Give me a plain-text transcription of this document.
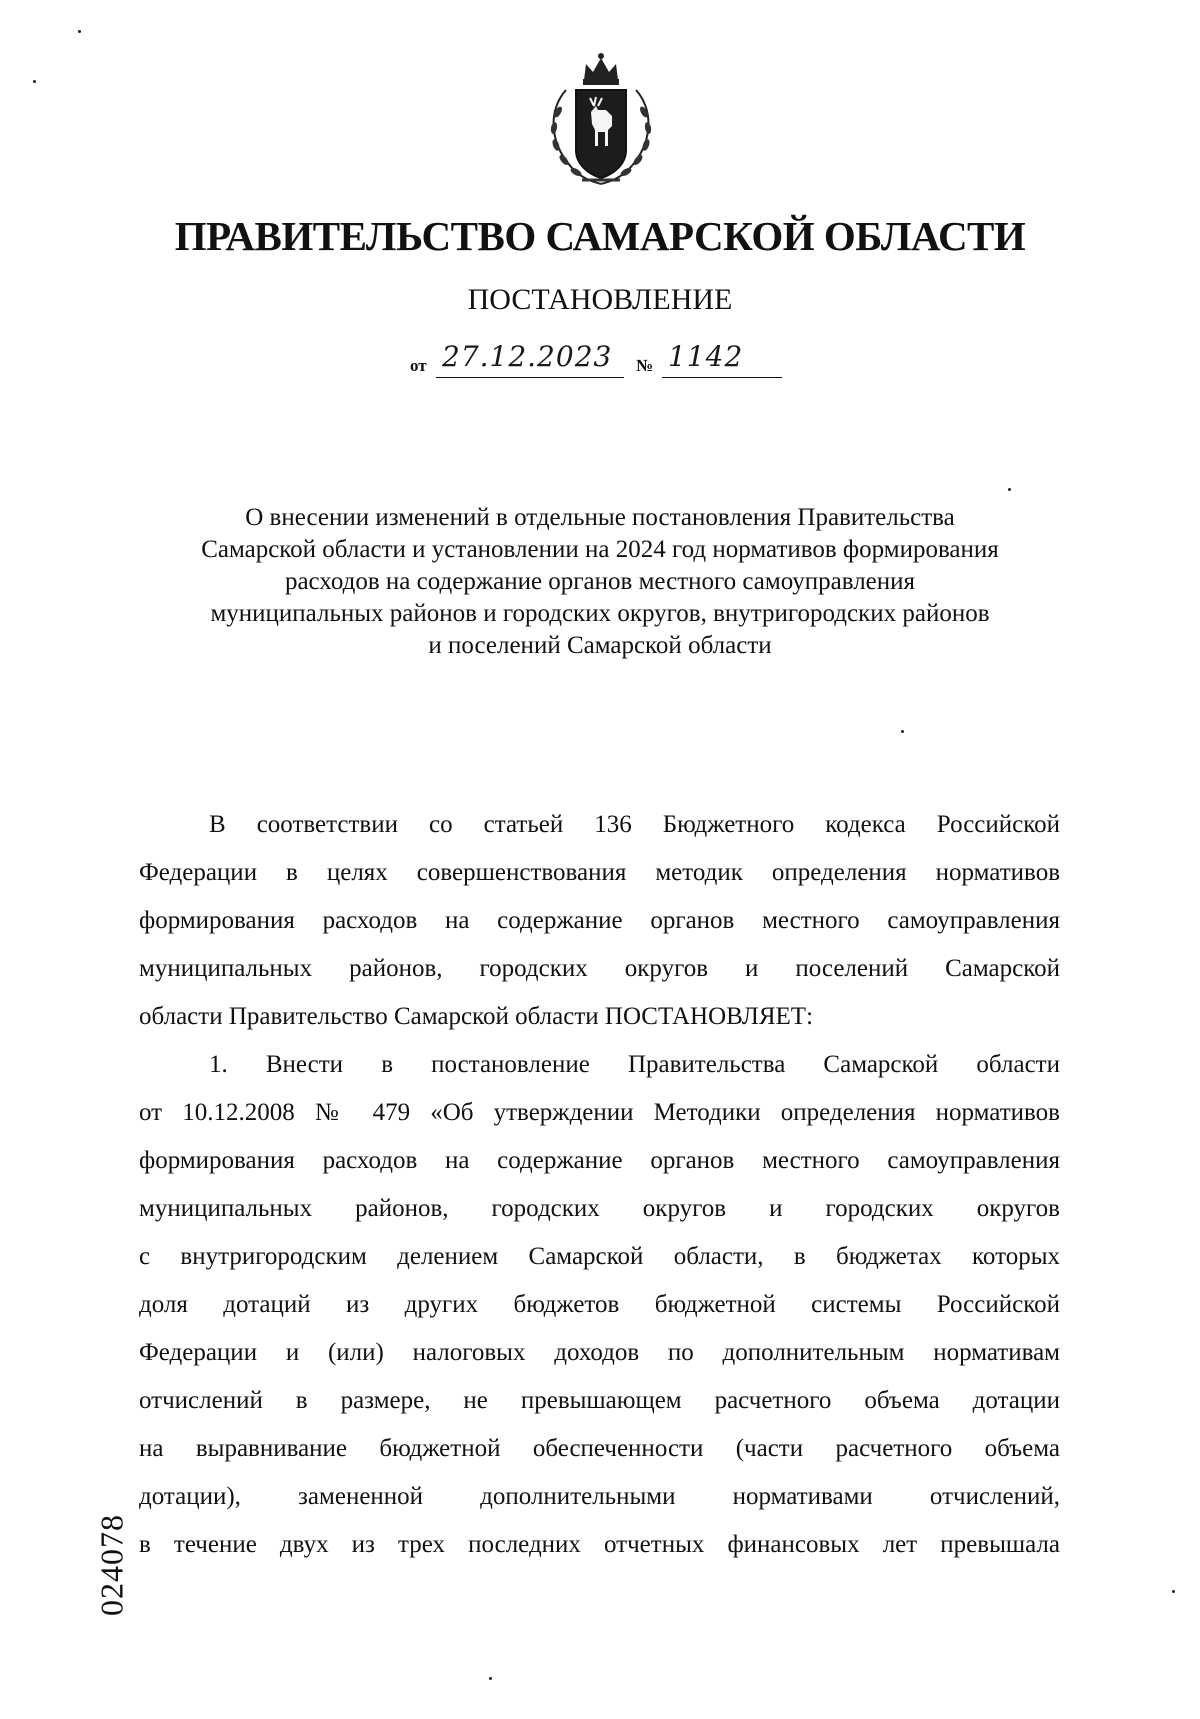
ПРАВИТЕЛЬСТВО САМАРСКОЙ ОБЛАСТИ
ПОСТАНОВЛЕНИЕ
от 27.12.2023 № 1142
О внесении изменений в отдельные постановления Правительства
Самарской области и установлении на 2024 год нормативов формирования
расходов на содержание органов местного самоуправления
муниципальных районов и городских округов, внутригородских районов
и поселений Самарской области
В соответствии со статьей 136 Бюджетного кодекса Российской
Федерации в целях совершенствования методик определения нормативов
формирования расходов на содержание органов местного самоуправления
муниципальных районов, городских округов и поселений Самарской
области Правительство Самарской области ПОСТАНОВЛЯЕТ:
1. Внести в постановление Правительства Самарской области
от 10.12.2008 № 479 «Об утверждении Методики определения нормативов
формирования расходов на содержание органов местного самоуправления
муниципальных районов, городских округов и городских округов
с внутригородским делением Самарской области, в бюджетах которых
доля дотаций из других бюджетов бюджетной системы Российской
Федерации и (или) налоговых доходов по дополнительным нормативам
отчислений в размере, не превышающем расчетного объема дотации
на выравнивание бюджетной обеспеченности (части расчетного объема
дотации), замененной дополнительными нормативами отчислений,
в течение двух из трех последних отчетных финансовых лет превышала
024078
